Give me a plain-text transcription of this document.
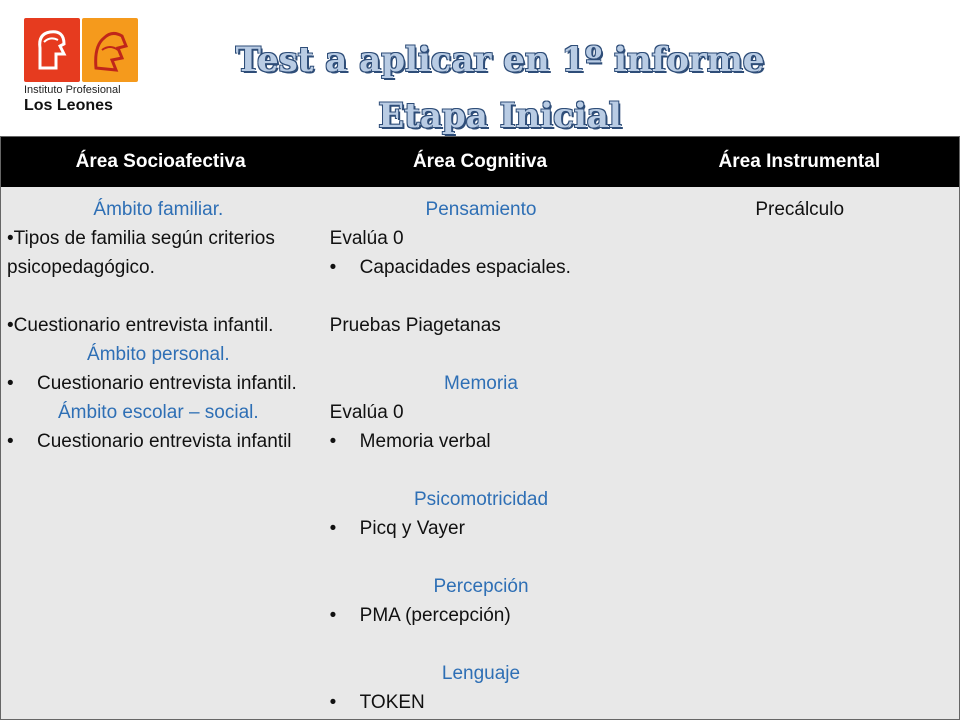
Instituto Profesional
Los Leones
Test a aplicar en 1º informe
Etapa Inicial
Área Socioafectiva	Área Cognitiva	Área Instrumental
Ámbito familiar.
•Tipos de familia según criterios psicopedagógico.
•Cuestionario entrevista infantil.
Ámbito personal.
• Cuestionario entrevista infantil.
Ámbito escolar – social.
• Cuestionario entrevista infantil
Pensamiento
Evalúa 0
• Capacidades espaciales.
Pruebas Piagetanas
Memoria
Evalúa 0
• Memoria verbal
Psicomotricidad
• Picq y Vayer
Percepción
• PMA (percepción)
Lenguaje
• TOKEN
Precálculo
